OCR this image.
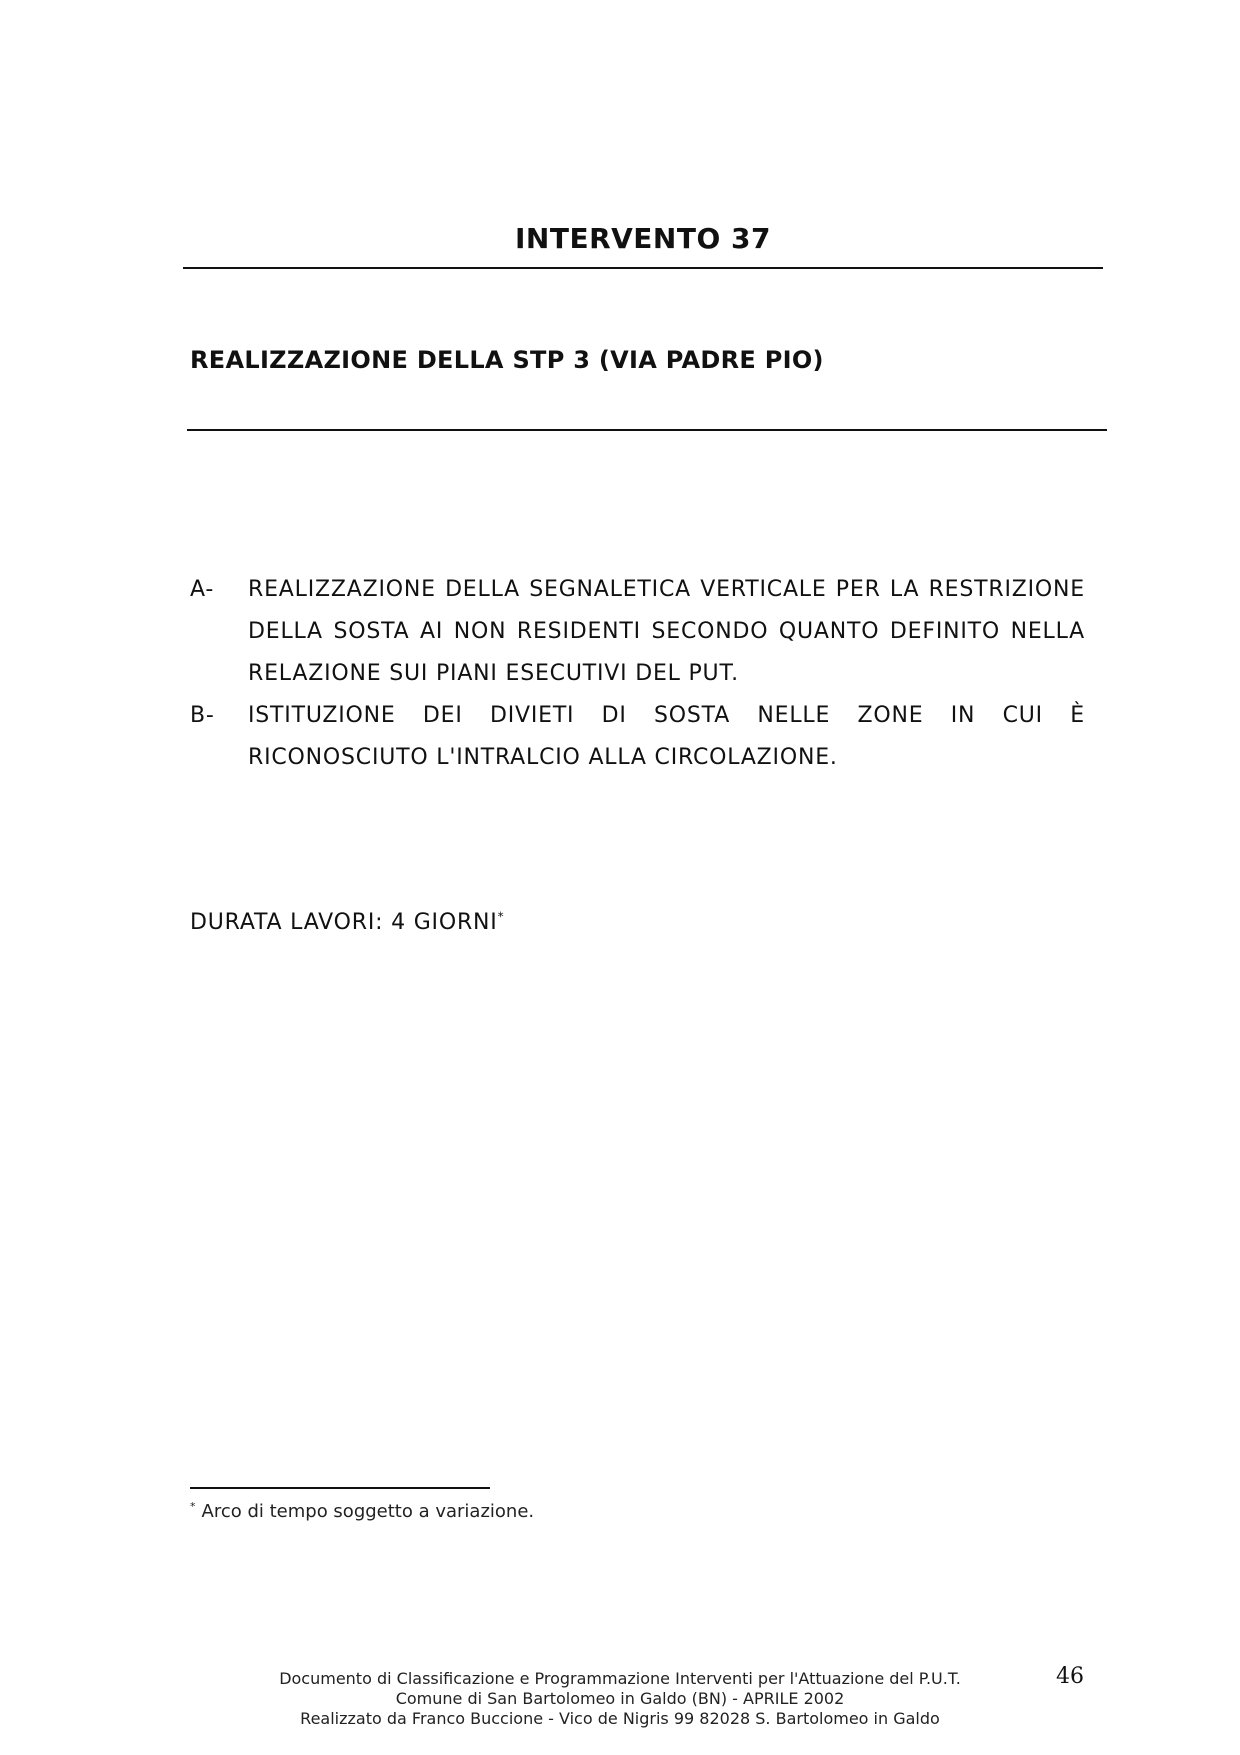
INTERVENTO 37
REALIZZAZIONE DELLA STP 3 (VIA PADRE PIO)
A- REALIZZAZIONE DELLA SEGNALETICA VERTICALE PER LA RESTRIZIONE DELLA SOSTA AI NON RESIDENTI SECONDO QUANTO DEFINITO NELLA RELAZIONE SUI PIANI ESECUTIVI DEL PUT.
B- ISTITUZIONE DEI DIVIETI DI SOSTA NELLE ZONE IN CUI È RICONOSCIUTO L'INTRALCIO ALLA CIRCOLAZIONE.
DURATA LAVORI: 4 GIORNI*
* Arco di tempo soggetto a variazione.
Documento di Classificazione e Programmazione Interventi per l'Attuazione del P.U.T.
Comune di San Bartolomeo in Galdo (BN) - APRILE 2002
Realizzato da Franco Buccione - Vico de Nigris 99 82028 S. Bartolomeo in Galdo
46
